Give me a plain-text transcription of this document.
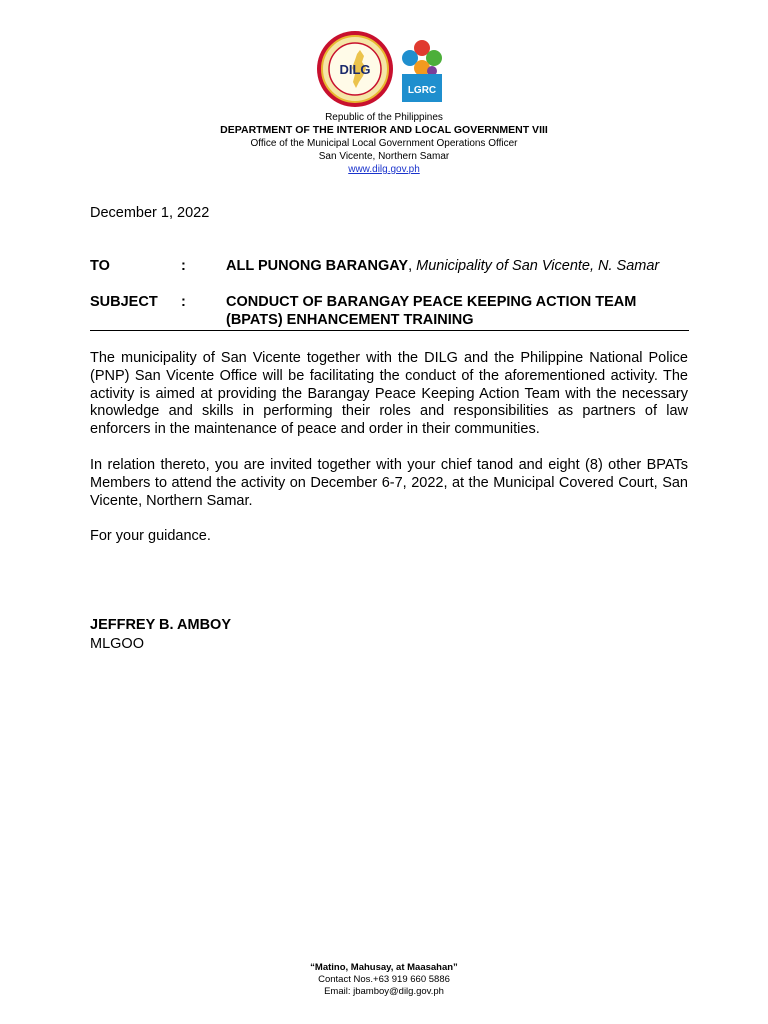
DILG
LGRC
Republic of the Philippines
DEPARTMENT OF THE INTERIOR AND LOCAL GOVERNMENT VIII
Office of the Municipal Local Government Operations Officer
San Vicente, Northern Samar
www.dilg.gov.ph
December 1, 2022
TO	:	ALL PUNONG BARANGAY, Municipality of San Vicente, N. Samar
SUBJECT :	CONDUCT OF BARANGAY PEACE KEEPING ACTION TEAM (BPATS) ENHANCEMENT TRAINING
The municipality of San Vicente together with the DILG and the Philippine National Police (PNP) San Vicente Office will be facilitating the conduct of the aforementioned activity. The activity is aimed at providing the Barangay Peace Keeping Action Team with the necessary knowledge and skills in performing their roles and responsibilities as partners of law enforcers in the maintenance of peace and order in their communities.
In relation thereto, you are invited together with your chief tanod and eight (8) other BPATs Members to attend the activity on December 6-7, 2022, at the Municipal Covered Court, San Vicente, Northern Samar.
For your guidance.
JEFFREY B. AMBOY
MLGOO
“Matino, Mahusay, at Maasahan”
Contact Nos.+63 919 660 5886
Email: jbamboy@dilg.gov.ph
